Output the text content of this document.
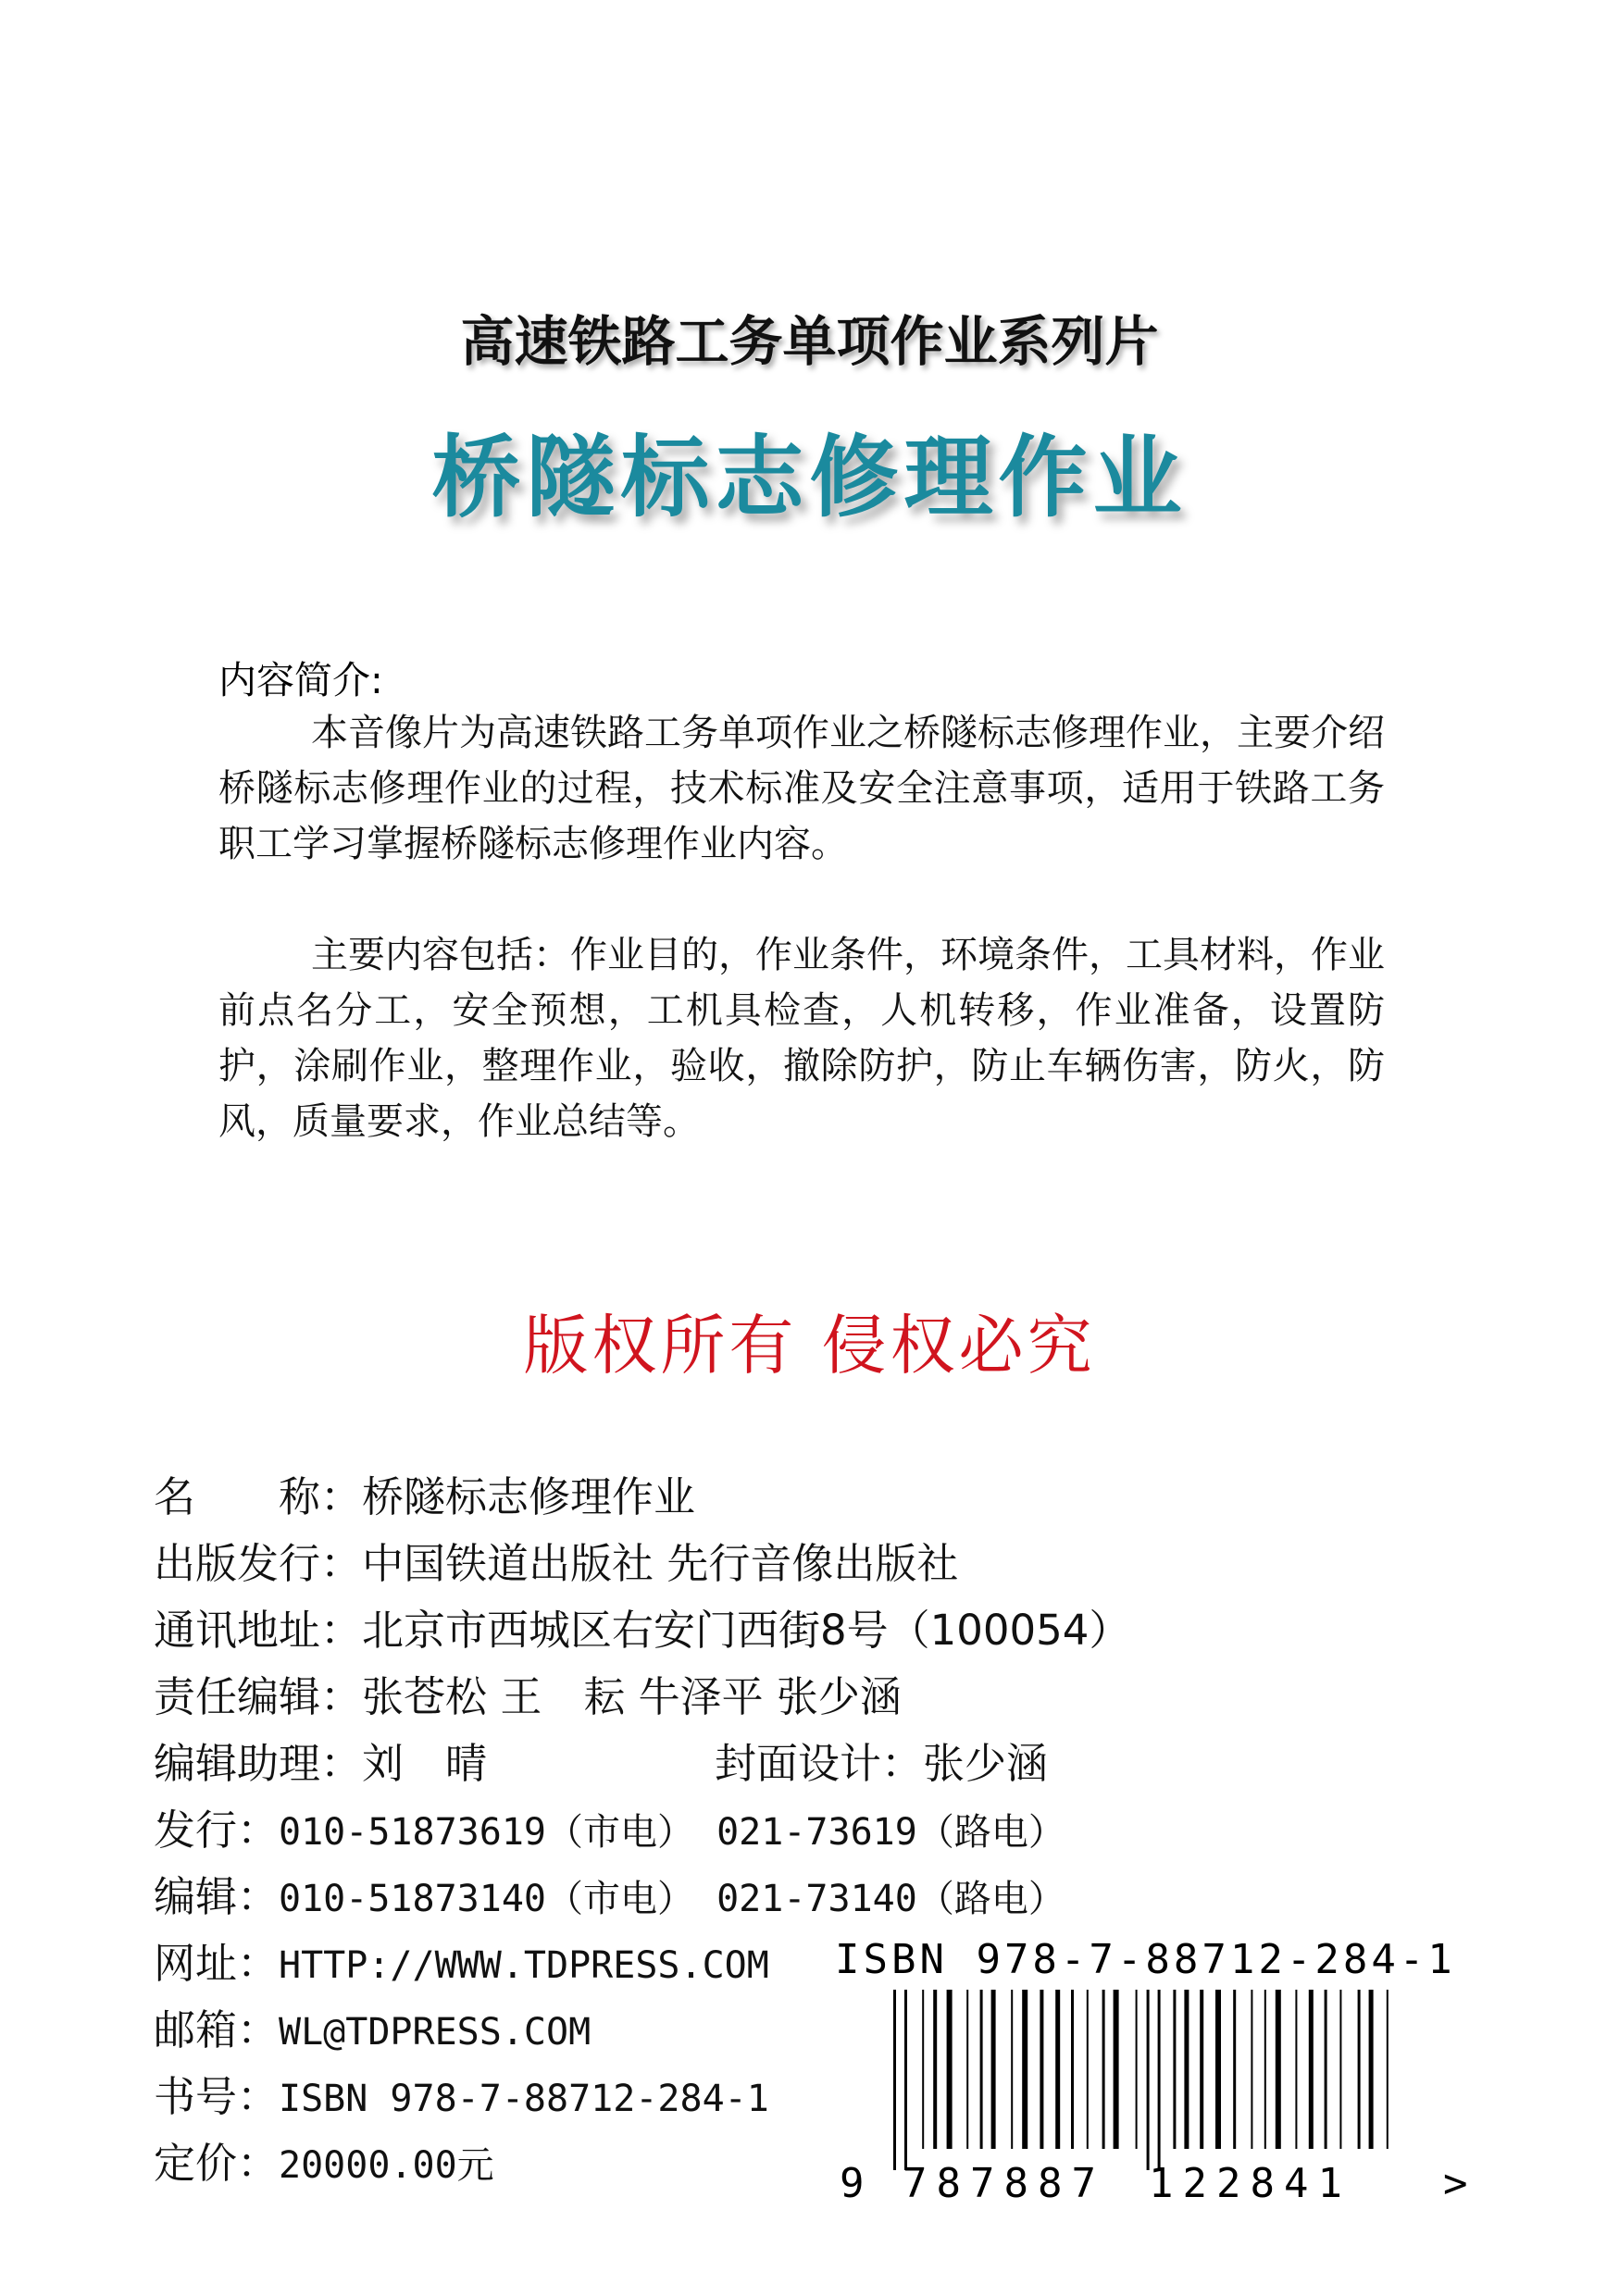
高速铁路工务单项作业系列片
桥隧标志修理作业
内容简介:
本音像片为高速铁路工务单项作业之桥隧标志修理作业，主要介绍桥隧标志修理作业的过程，技术标准及安全注意事项，适用于铁路工务职工学习掌握桥隧标志修理作业内容。
主要内容包括：作业目的，作业条件，环境条件，工具材料，作业前点名分工，安全预想，工机具检查，人机转移，作业准备，设置防护，涂刷作业，整理作业，验收，撤除防护，防止车辆伤害，防火，防风，质量要求，作业总结等。
版权所有 侵权必究
名　　称：桥隧标志修理作业
出版发行：中国铁道出版社 先行音像出版社
通讯地址：北京市西城区右安门西街8号（100054）
责任编辑：张苍松 王　耘 牛泽平 张少涵
编辑助理：刘　晴	封面设计：张少涵
发行：010-51873619（市电） 021-73619（路电）
编辑：010-51873140（市电） 021-73140（路电）
网址：HTTP://WWW.TDPRESS.COM
邮箱：WL@TDPRESS.COM
书号：ISBN 978-7-88712-284-1
定价：20000.00元
ISBN 978-7-88712-284-1
9 787887 122841 >
